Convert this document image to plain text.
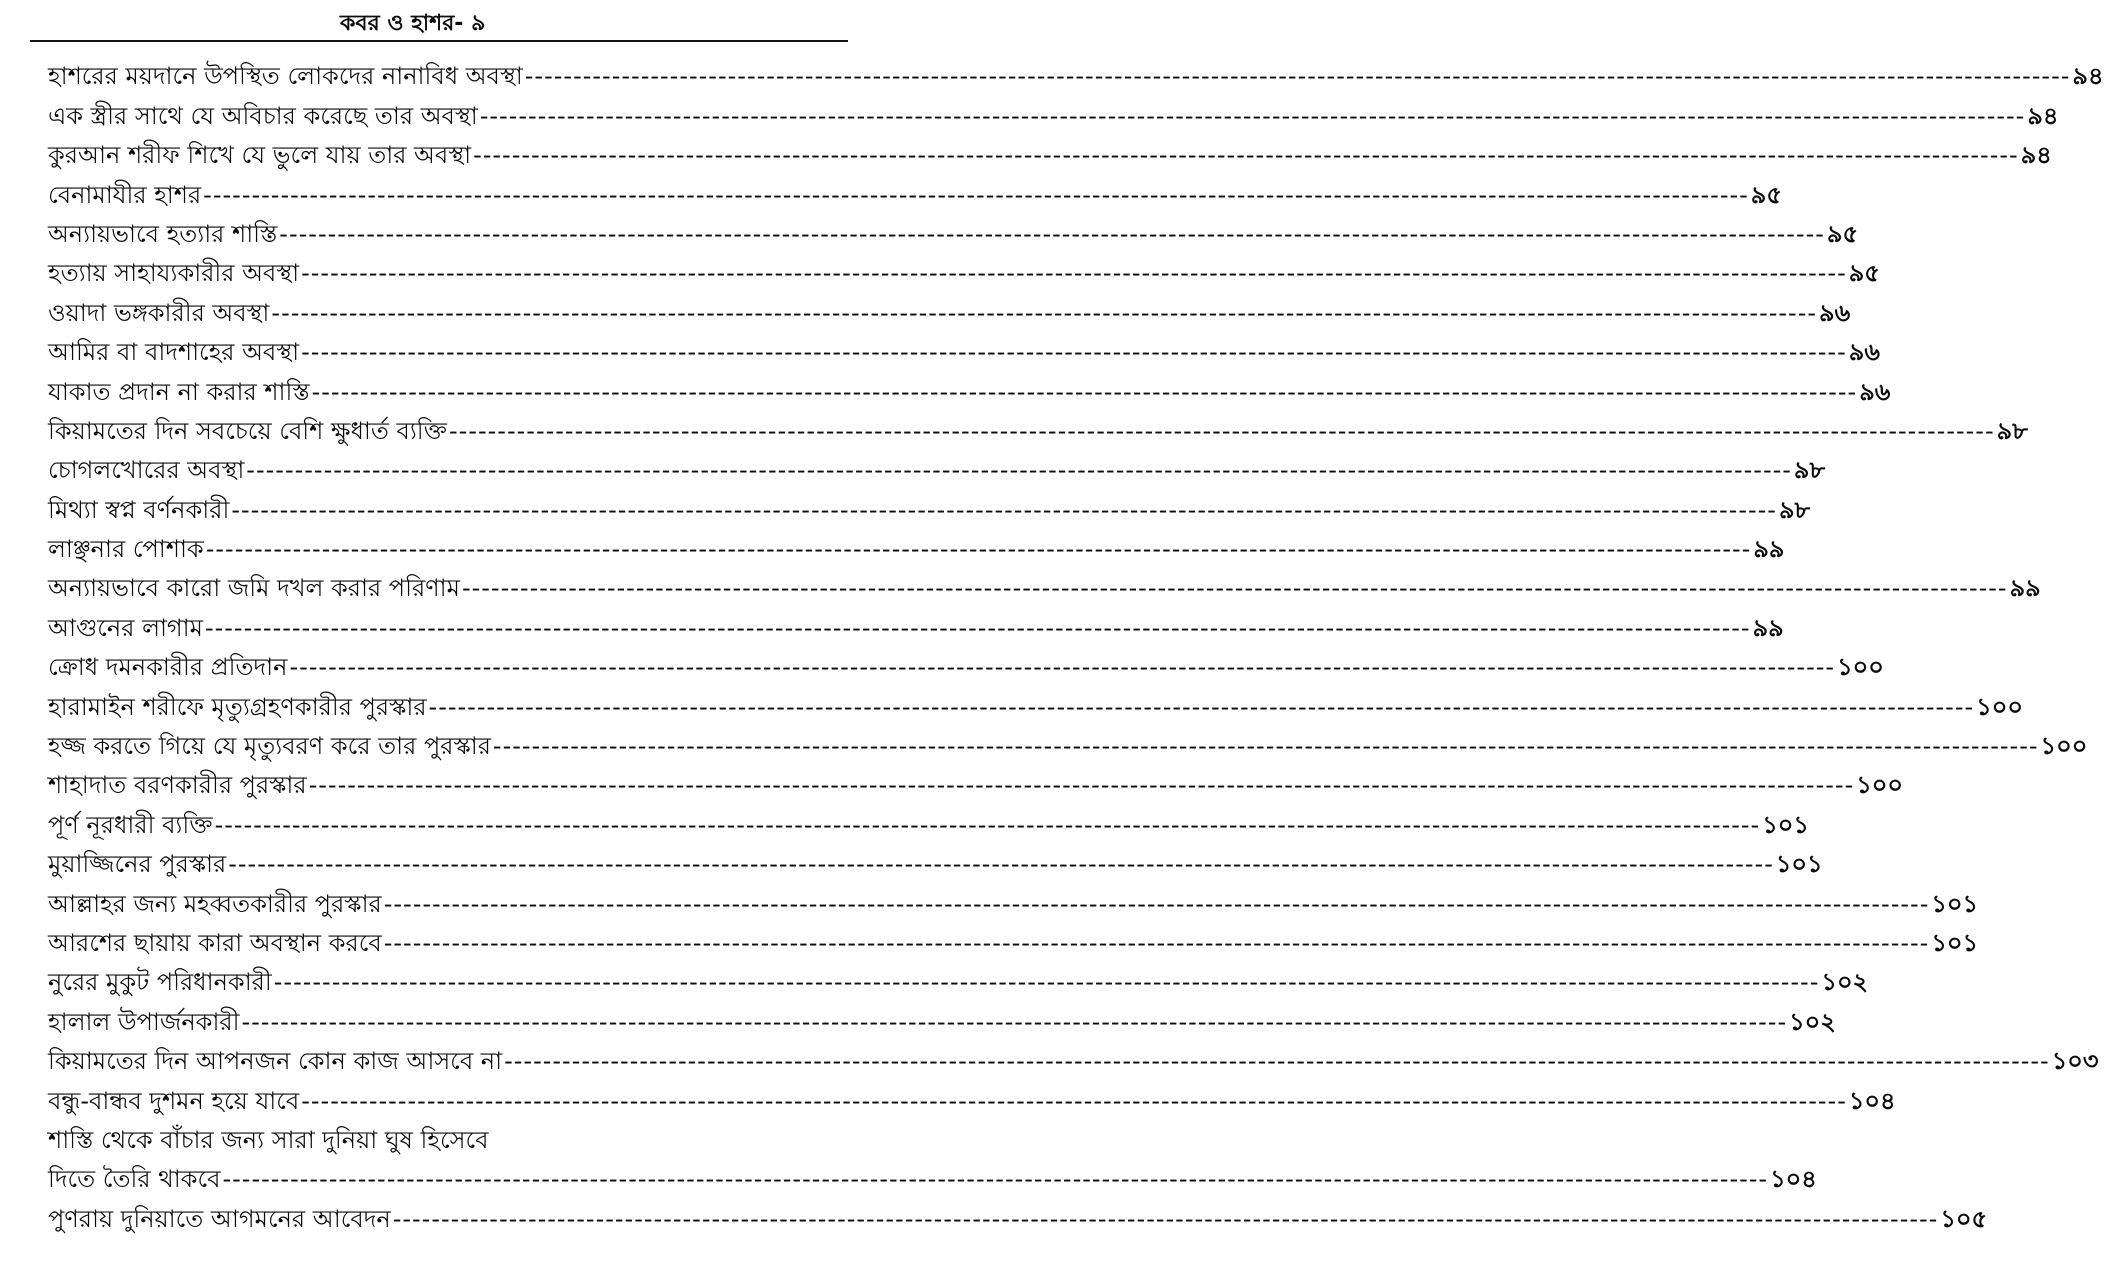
কবর ও হাশর- ৯
হাশরের ময়দানে উপস্থিত লোকদের নানাবিধ অবস্থা ---------------------------------------------------------------------------------------------------------------------------------------------------------------- ৯৪
এক স্ত্রীর সাথে যে অবিচার করেছে তার অবস্থা ---------------------------------------------------------------------------------------------------------------------------------------------------------------- ৯৪
কুরআন শরীফ শিখে যে ভুলে যায় তার অবস্থা ---------------------------------------------------------------------------------------------------------------------------------------------------------------- ৯৪
বেনামাযীর হাশর ---------------------------------------------------------------------------------------------------------------------------------------------------------------- ৯৫
অন্যায়ভাবে হত্যার শাস্তি ---------------------------------------------------------------------------------------------------------------------------------------------------------------- ৯৫
হত্যায় সাহায্যকারীর অবস্থা ---------------------------------------------------------------------------------------------------------------------------------------------------------------- ৯৫
ওয়াদা ভঙ্গকারীর অবস্থা ---------------------------------------------------------------------------------------------------------------------------------------------------------------- ৯৬
আমির বা বাদশাহের অবস্থা ---------------------------------------------------------------------------------------------------------------------------------------------------------------- ৯৬
যাকাত প্রদান না করার শাস্তি ---------------------------------------------------------------------------------------------------------------------------------------------------------------- ৯৬
কিয়ামতের দিন সবচেয়ে বেশি ক্ষুধার্ত ব্যক্তি ---------------------------------------------------------------------------------------------------------------------------------------------------------------- ৯৮
চোগলখোরের অবস্থা ---------------------------------------------------------------------------------------------------------------------------------------------------------------- ৯৮
মিথ্যা স্বপ্ন বর্ণনকারী ---------------------------------------------------------------------------------------------------------------------------------------------------------------- ৯৮
লাঞ্ছনার পোশাক ---------------------------------------------------------------------------------------------------------------------------------------------------------------- ৯৯
অন্যায়ভাবে কারো জমি দখল করার পরিণাম ---------------------------------------------------------------------------------------------------------------------------------------------------------------- ৯৯
আগুনের লাগাম ---------------------------------------------------------------------------------------------------------------------------------------------------------------- ৯৯
ক্রোধ দমনকারীর প্রতিদান ---------------------------------------------------------------------------------------------------------------------------------------------------------------- ১০০
হারামাইন শরীফে মৃত্যুগ্রহণকারীর পুরস্কার ---------------------------------------------------------------------------------------------------------------------------------------------------------------- ১০০
হজ্জ করতে গিয়ে যে মৃত্যুবরণ করে তার পুরস্কার ---------------------------------------------------------------------------------------------------------------------------------------------------------------- ১০০
শাহাদাত বরণকারীর পুরস্কার ---------------------------------------------------------------------------------------------------------------------------------------------------------------- ১০০
পূর্ণ নূরধারী ব্যক্তি ---------------------------------------------------------------------------------------------------------------------------------------------------------------- ১০১
মুয়াজ্জিনের পুরস্কার ---------------------------------------------------------------------------------------------------------------------------------------------------------------- ১০১
আল্লাহর জন্য মহব্বতকারীর পুরস্কার ---------------------------------------------------------------------------------------------------------------------------------------------------------------- ১০১
আরশের ছায়ায় কারা অবস্থান করবে ---------------------------------------------------------------------------------------------------------------------------------------------------------------- ১০১
নুরের মুকুট পরিধানকারী ---------------------------------------------------------------------------------------------------------------------------------------------------------------- ১০২
হালাল উপার্জনকারী ---------------------------------------------------------------------------------------------------------------------------------------------------------------- ১০২
কিয়ামতের দিন আপনজন কোন কাজ আসবে না ---------------------------------------------------------------------------------------------------------------------------------------------------------------- ১০৩
বন্ধু-বান্ধব দুশমন হয়ে যাবে ---------------------------------------------------------------------------------------------------------------------------------------------------------------- ১০৪
শাস্তি থেকে বাঁচার জন্য সারা দুনিয়া ঘুষ হিসেবে
দিতে তৈরি থাকবে ---------------------------------------------------------------------------------------------------------------------------------------------------------------- ১০৪
পুণরায় দুনিয়াতে আগমনের আবেদন ---------------------------------------------------------------------------------------------------------------------------------------------------------------- ১০৫
